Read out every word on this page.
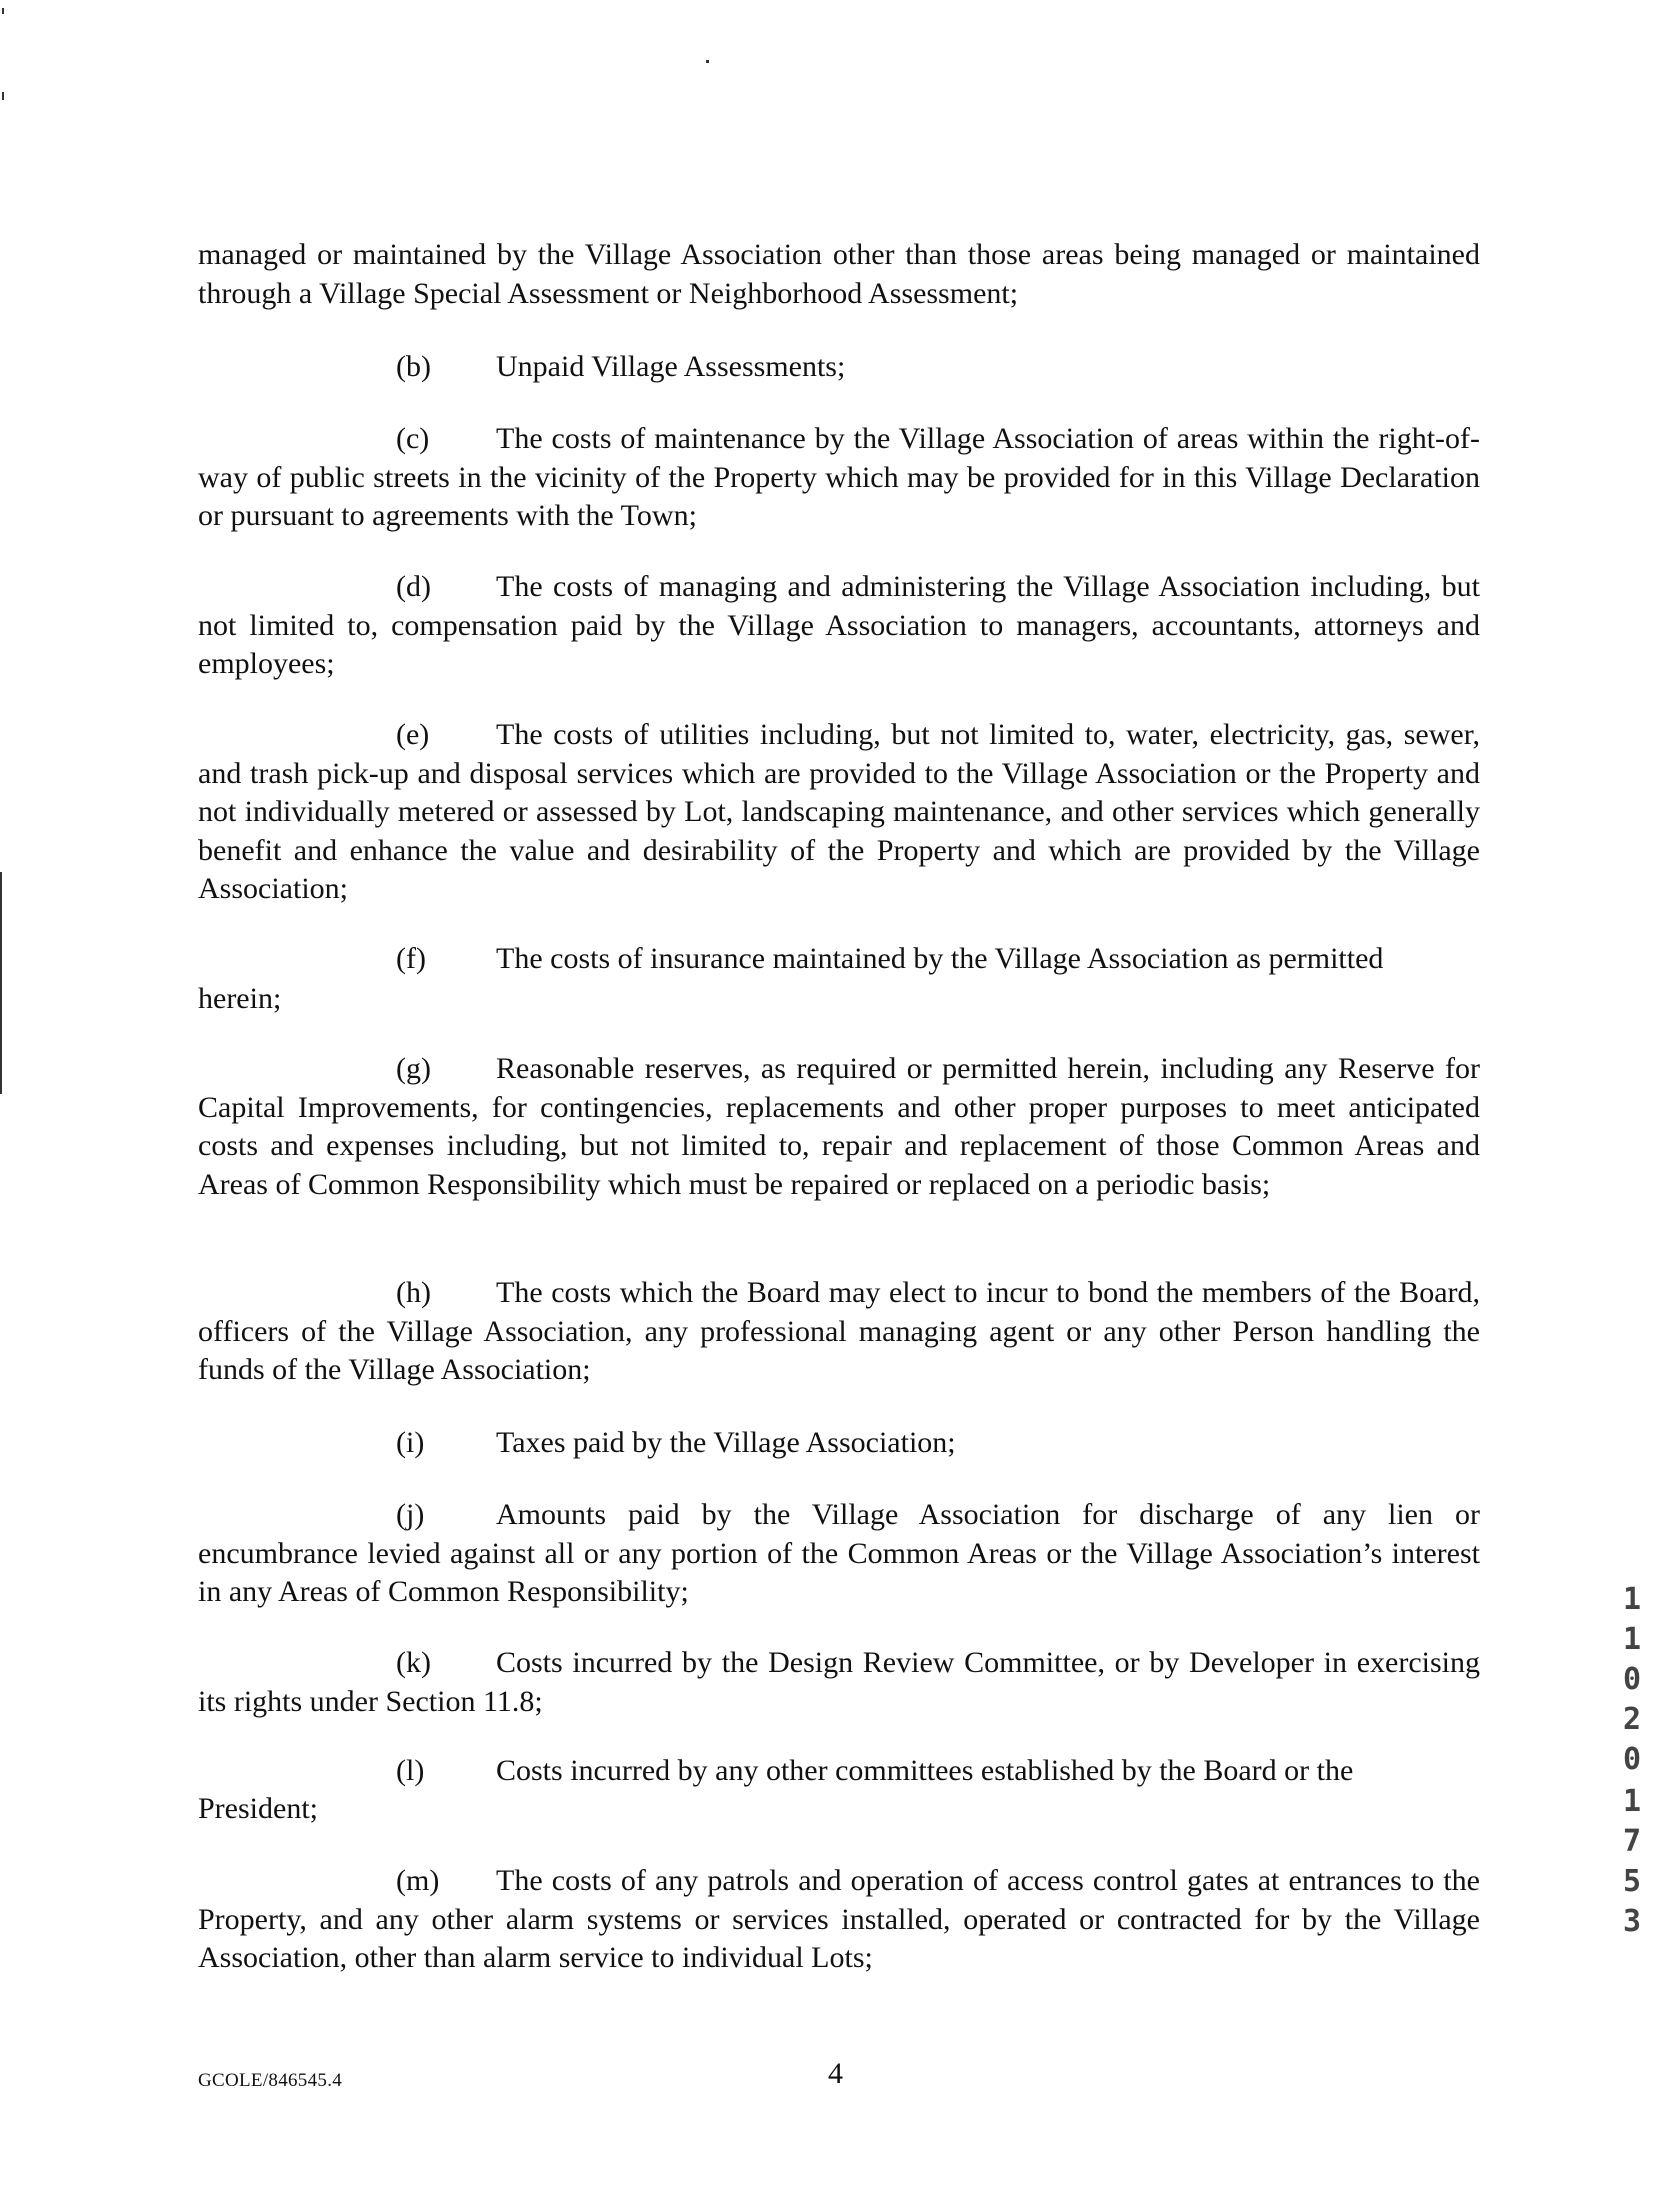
managed or maintained by the Village Association other than those areas being managed or maintained through a Village Special Assessment or Neighborhood Assessment;

(b) Unpaid Village Assessments;

(c) The costs of maintenance by the Village Association of areas within the right-of-way of public streets in the vicinity of the Property which may be provided for in this Village Declaration or pursuant to agreements with the Town;

(d) The costs of managing and administering the Village Association including, but not limited to, compensation paid by the Village Association to managers, accountants, attorneys and employees;

(e) The costs of utilities including, but not limited to, water, electricity, gas, sewer, and trash pick-up and disposal services which are provided to the Village Association or the Property and not individually metered or assessed by Lot, landscaping maintenance, and other services which generally benefit and enhance the value and desirability of the Property and which are provided by the Village Association;

(f) The costs of insurance maintained by the Village Association as permitted

herein;

(g) Reasonable reserves, as required or permitted herein, including any Reserve for Capital Improvements, for contingencies, replacements and other proper purposes to meet anticipated costs and expenses including, but not limited to, repair and replacement of those Common Areas and Areas of Common Responsibility which must be repaired or replaced on a periodic basis;

(h) The costs which the Board may elect to incur to bond the members of the Board, officers of the Village Association, any professional managing agent or any other Person handling the funds of the Village Association;

(i) Taxes paid by the Village Association;

(j) Amounts paid by the Village Association for discharge of any lien or encumbrance levied against all or any portion of the Common Areas or the Village Association’s interest in any Areas of Common Responsibility;

(k) Costs incurred by the Design Review Committee, or by Developer in exercising its rights under Section 11.8;

(l) Costs incurred by any other committees established by the Board or the

President;

(m) The costs of any patrols and operation of access control gates at entrances to the Property, and any other alarm systems or services installed, operated or contracted for by the Village Association, other than alarm service to individual Lots;

1
1
0
2
0
1
7
5
3
GCOLE/846545.4	4
